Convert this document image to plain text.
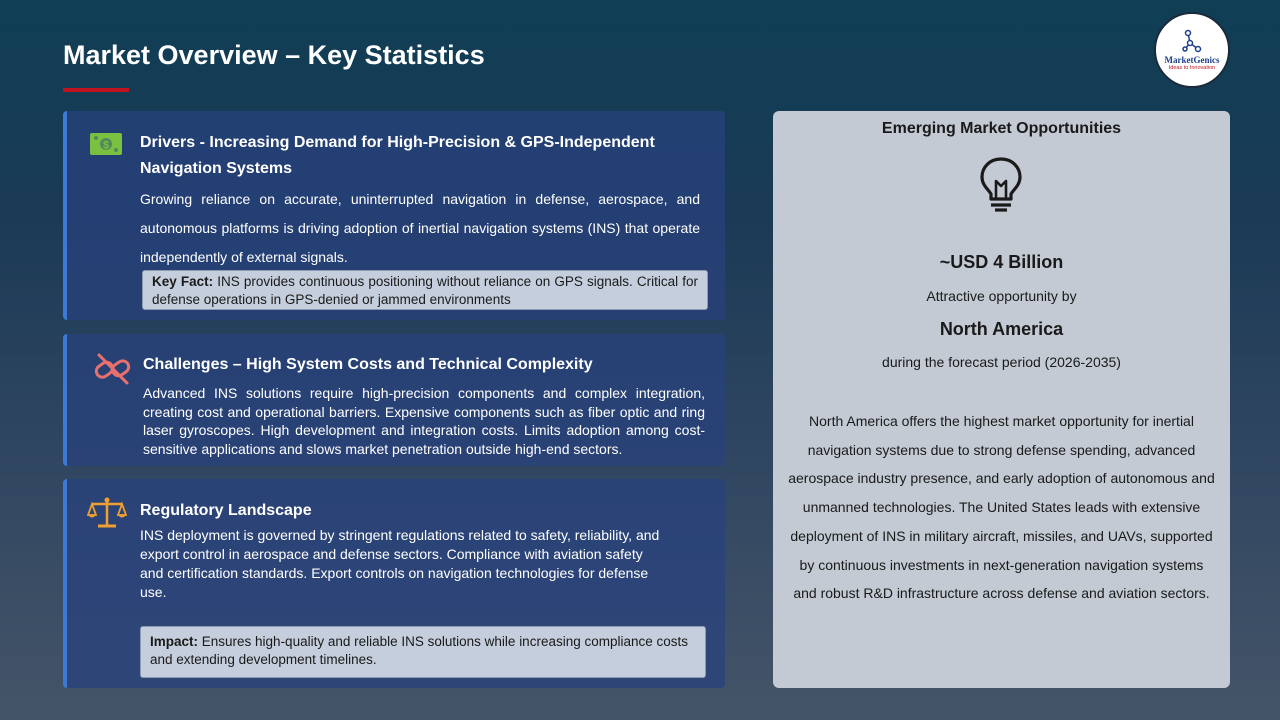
Market Overview – Key Statistics	MarketGenics
Ideas to Innovation
$ Drivers - Increasing Demand for High-Precision & GPS-Independent Navigation Systems
Growing reliance on accurate, uninterrupted navigation in defense, aerospace, and autonomous platforms is driving adoption of inertial navigation systems (INS) that operate independently of external signals.
Key Fact: INS provides continuous positioning without reliance on GPS signals. Critical for defense operations in GPS-denied or jammed environments
Challenges – High System Costs and Technical Complexity
Advanced INS solutions require high-precision components and complex integration, creating cost and operational barriers. Expensive components such as fiber optic and ring laser gyroscopes. High development and integration costs. Limits adoption among cost-sensitive applications and slows market penetration outside high-end sectors.
Regulatory Landscape
INS deployment is governed by stringent regulations related to safety, reliability, and export control in aerospace and defense sectors. Compliance with aviation safety and certification standards. Export controls on navigation technologies for defense use.
Impact: Ensures high-quality and reliable INS solutions while increasing compliance costs and extending development timelines.
Emerging Market Opportunities
~USD 4 Billion
Attractive opportunity by
North America
during the forecast period (2026-2035)
North America offers the highest market opportunity for inertial navigation systems due to strong defense spending, advanced aerospace industry presence, and early adoption of autonomous and unmanned technologies. The United States leads with extensive deployment of INS in military aircraft, missiles, and UAVs, supported by continuous investments in next-generation navigation systems and robust R&D infrastructure across defense and aviation sectors.
